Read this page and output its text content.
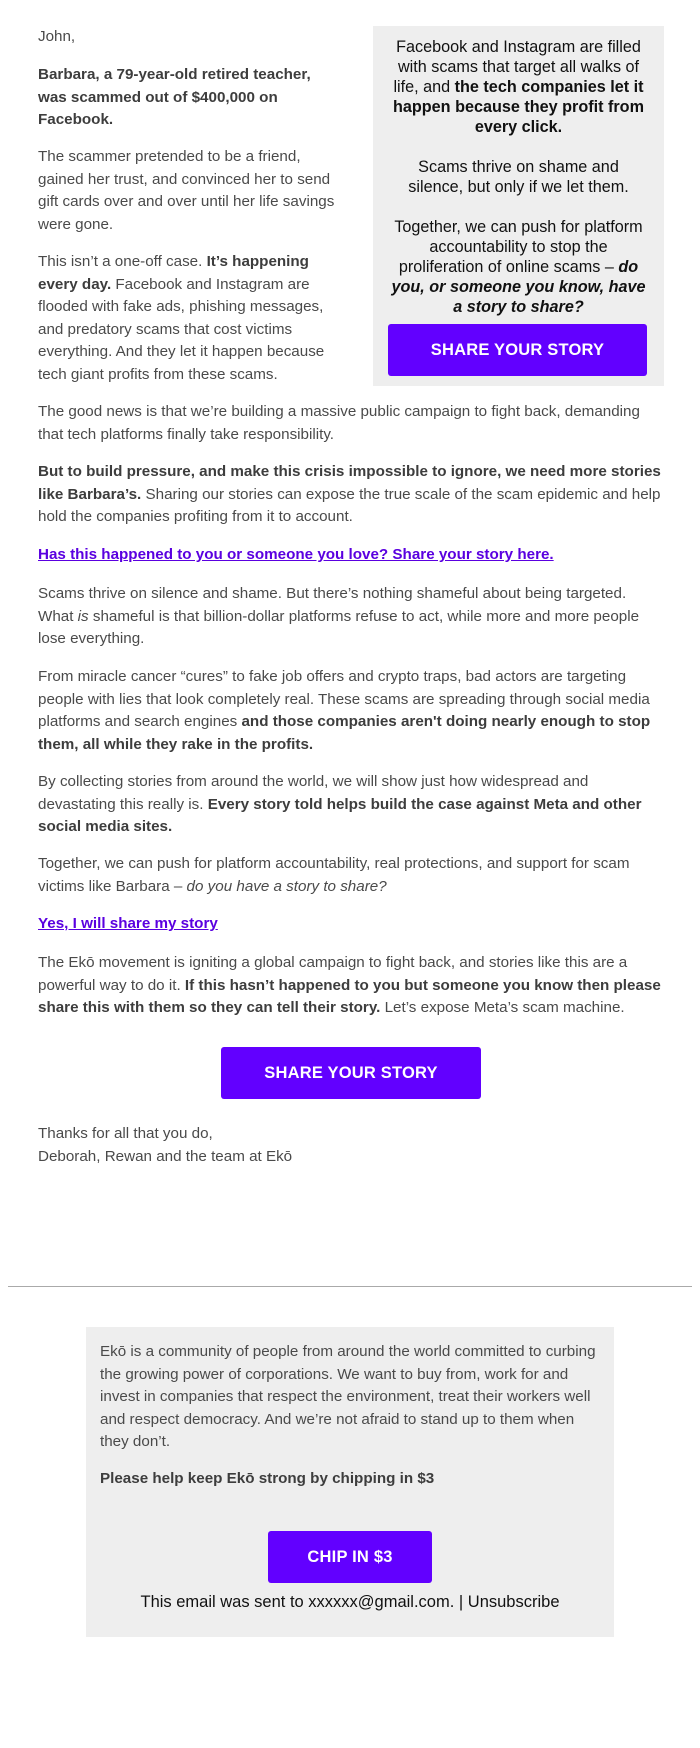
John,

Barbara, a 79-year-old retired teacher, was scammed out of $400,000 on Facebook.

The scammer pretended to be a friend, gained her trust, and convinced her to send gift cards over and over until her life savings were gone.

This isn’t a one-off case. It’s happening every day. Facebook and Instagram are flooded with fake ads, phishing messages, and predatory scams that cost victims everything. And they let it happen because tech giant profits from these scams.

The good news is that we’re building a massive public campaign to fight back, demanding that tech platforms finally take responsibility.

But to build pressure, and make this crisis impossible to ignore, we need more stories like Barbara’s. Sharing our stories can expose the true scale of the scam epidemic and help hold the companies profiting from it to account.

Has this happened to you or someone you love? Share your story here.

Scams thrive on silence and shame. But there’s nothing shameful about being targeted. What is shameful is that billion-dollar platforms refuse to act, while more and more people lose everything.

From miracle cancer “cures” to fake job offers and crypto traps, bad actors are targeting people with lies that look completely real. These scams are spreading through social media platforms and search engines and those companies aren't doing nearly enough to stop them, all while they rake in the profits.

By collecting stories from around the world, we will show just how widespread and devastating this really is. Every story told helps build the case against Meta and other social media sites.

Together, we can push for platform accountability, real protections, and support for scam victims like Barbara – do you have a story to share?

Yes, I will share my story

The Ekō movement is igniting a global campaign to fight back, and stories like this are a powerful way to do it. If this hasn’t happened to you but someone you know then please share this with them so they can tell their story. Let’s expose Meta’s scam machine.

SHARE YOUR STORY

Thanks for all that you do,
Deborah, Rewan and the team at Ekō

Facebook and Instagram are filled with scams that target all walks of life, and the tech companies let it happen because they profit from every click.

Scams thrive on shame and silence, but only if we let them.

Together, we can push for platform accountability to stop the proliferation of online scams – do you, or someone you know, have a story to share?

SHARE YOUR STORY

Ekō is a community of people from around the world committed to curbing the growing power of corporations. We want to buy from, work for and invest in companies that respect the environment, treat their workers well and respect democracy. And we’re not afraid to stand up to them when they don’t.

Please help keep Ekō strong by chipping in $3

CHIP IN $3
This email was sent to xxxxxx@gmail.com. | Unsubscribe
